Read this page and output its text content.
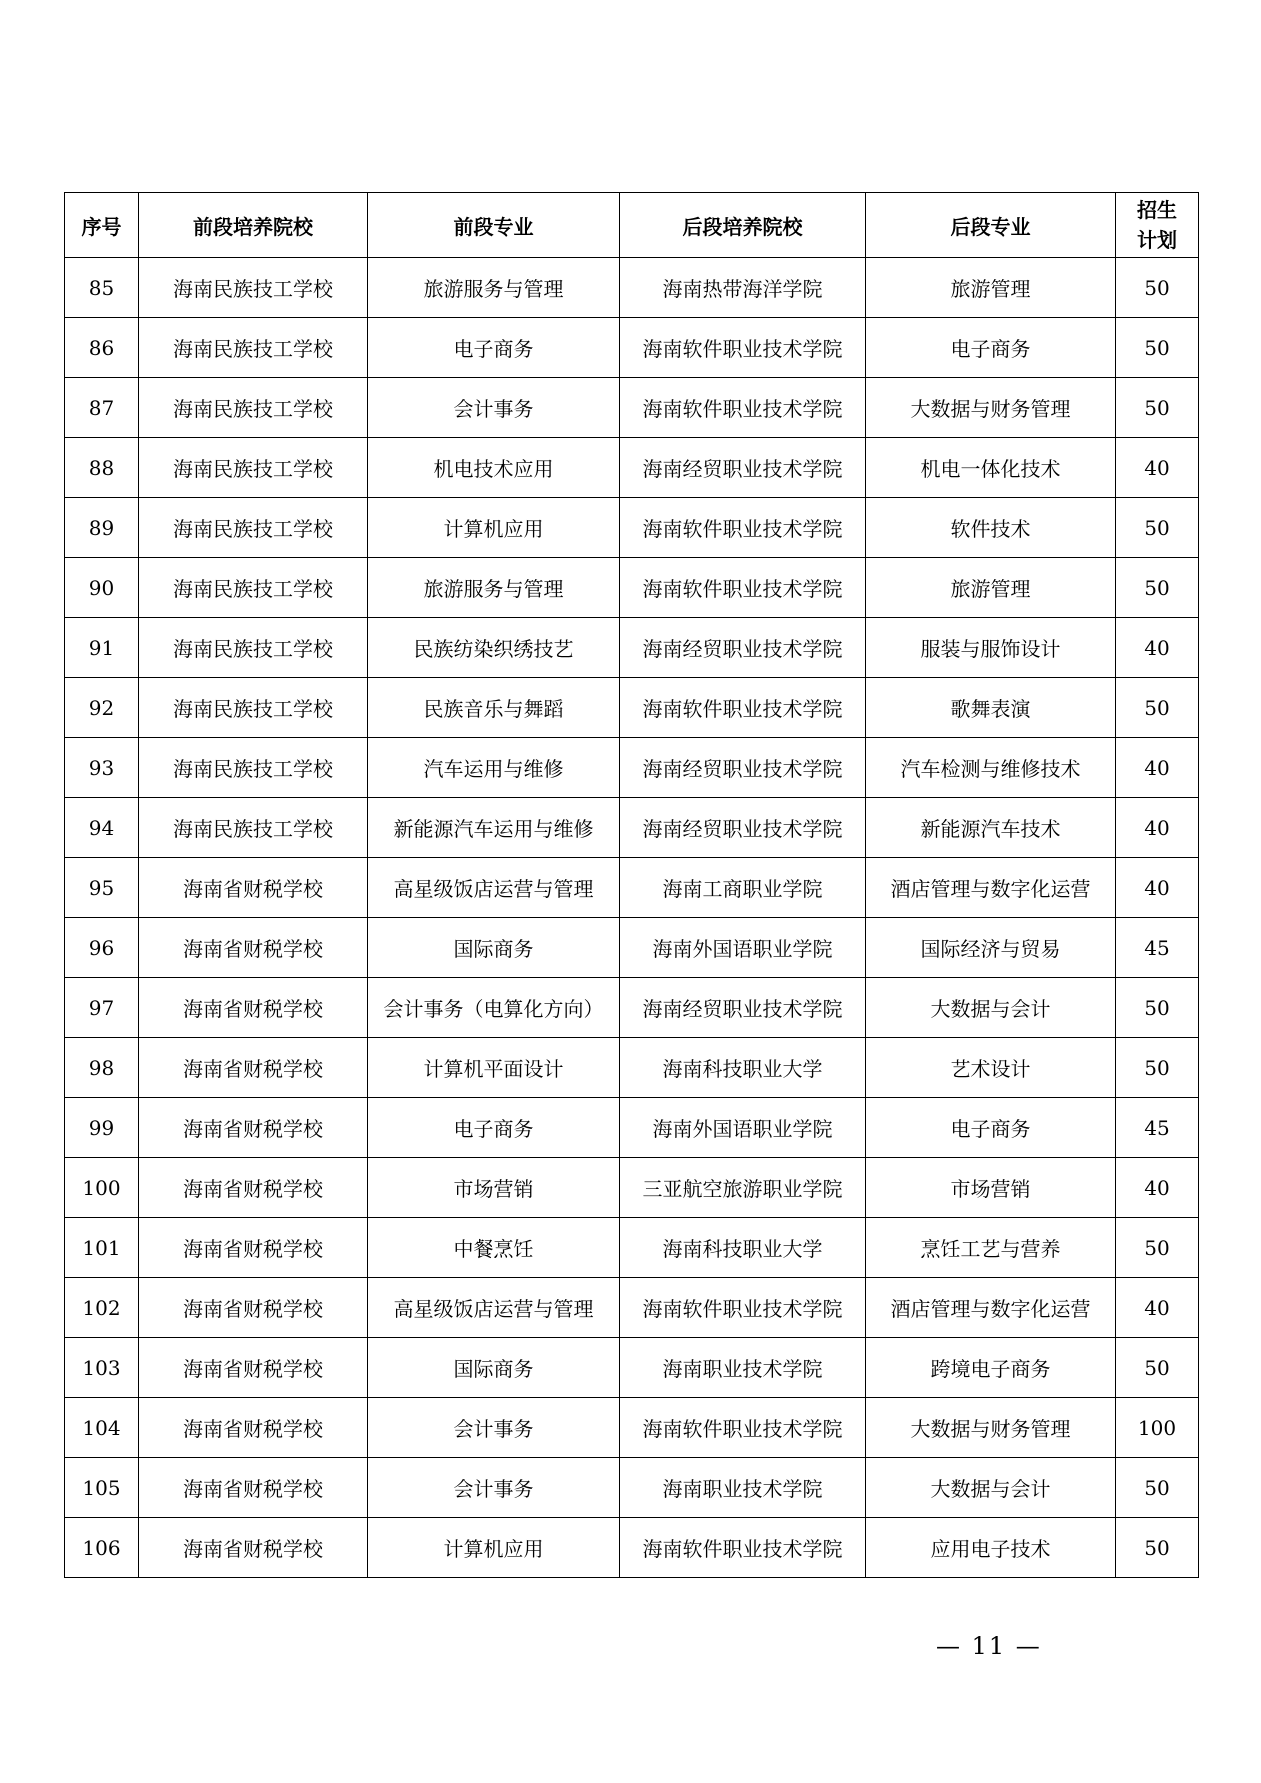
序号	前段培养院校	前段专业	后段培养院校	后段专业	招生
计划
85	海南民族技工学校	旅游服务与管理	海南热带海洋学院	旅游管理	50
86	海南民族技工学校	电子商务	海南软件职业技术学院	电子商务	50
87	海南民族技工学校	会计事务	海南软件职业技术学院	大数据与财务管理	50
88	海南民族技工学校	机电技术应用	海南经贸职业技术学院	机电一体化技术	40
89	海南民族技工学校	计算机应用	海南软件职业技术学院	软件技术	50
90	海南民族技工学校	旅游服务与管理	海南软件职业技术学院	旅游管理	50
91	海南民族技工学校	民族纺染织绣技艺	海南经贸职业技术学院	服装与服饰设计	40
92	海南民族技工学校	民族音乐与舞蹈	海南软件职业技术学院	歌舞表演	50
93	海南民族技工学校	汽车运用与维修	海南经贸职业技术学院	汽车检测与维修技术	40
94	海南民族技工学校	新能源汽车运用与维修	海南经贸职业技术学院	新能源汽车技术	40
95	海南省财税学校	高星级饭店运营与管理	海南工商职业学院	酒店管理与数字化运营	40
96	海南省财税学校	国际商务	海南外国语职业学院	国际经济与贸易	45
97	海南省财税学校	会计事务（电算化方向）	海南经贸职业技术学院	大数据与会计	50
98	海南省财税学校	计算机平面设计	海南科技职业大学	艺术设计	50
99	海南省财税学校	电子商务	海南外国语职业学院	电子商务	45
100	海南省财税学校	市场营销	三亚航空旅游职业学院	市场营销	40
101	海南省财税学校	中餐烹饪	海南科技职业大学	烹饪工艺与营养	50
102	海南省财税学校	高星级饭店运营与管理	海南软件职业技术学院	酒店管理与数字化运营	40
103	海南省财税学校	国际商务	海南职业技术学院	跨境电子商务	50
104	海南省财税学校	会计事务	海南软件职业技术学院	大数据与财务管理	100
105	海南省财税学校	会计事务	海南职业技术学院	大数据与会计	50
106	海南省财税学校	计算机应用	海南软件职业技术学院	应用电子技术	50
— 11 —
